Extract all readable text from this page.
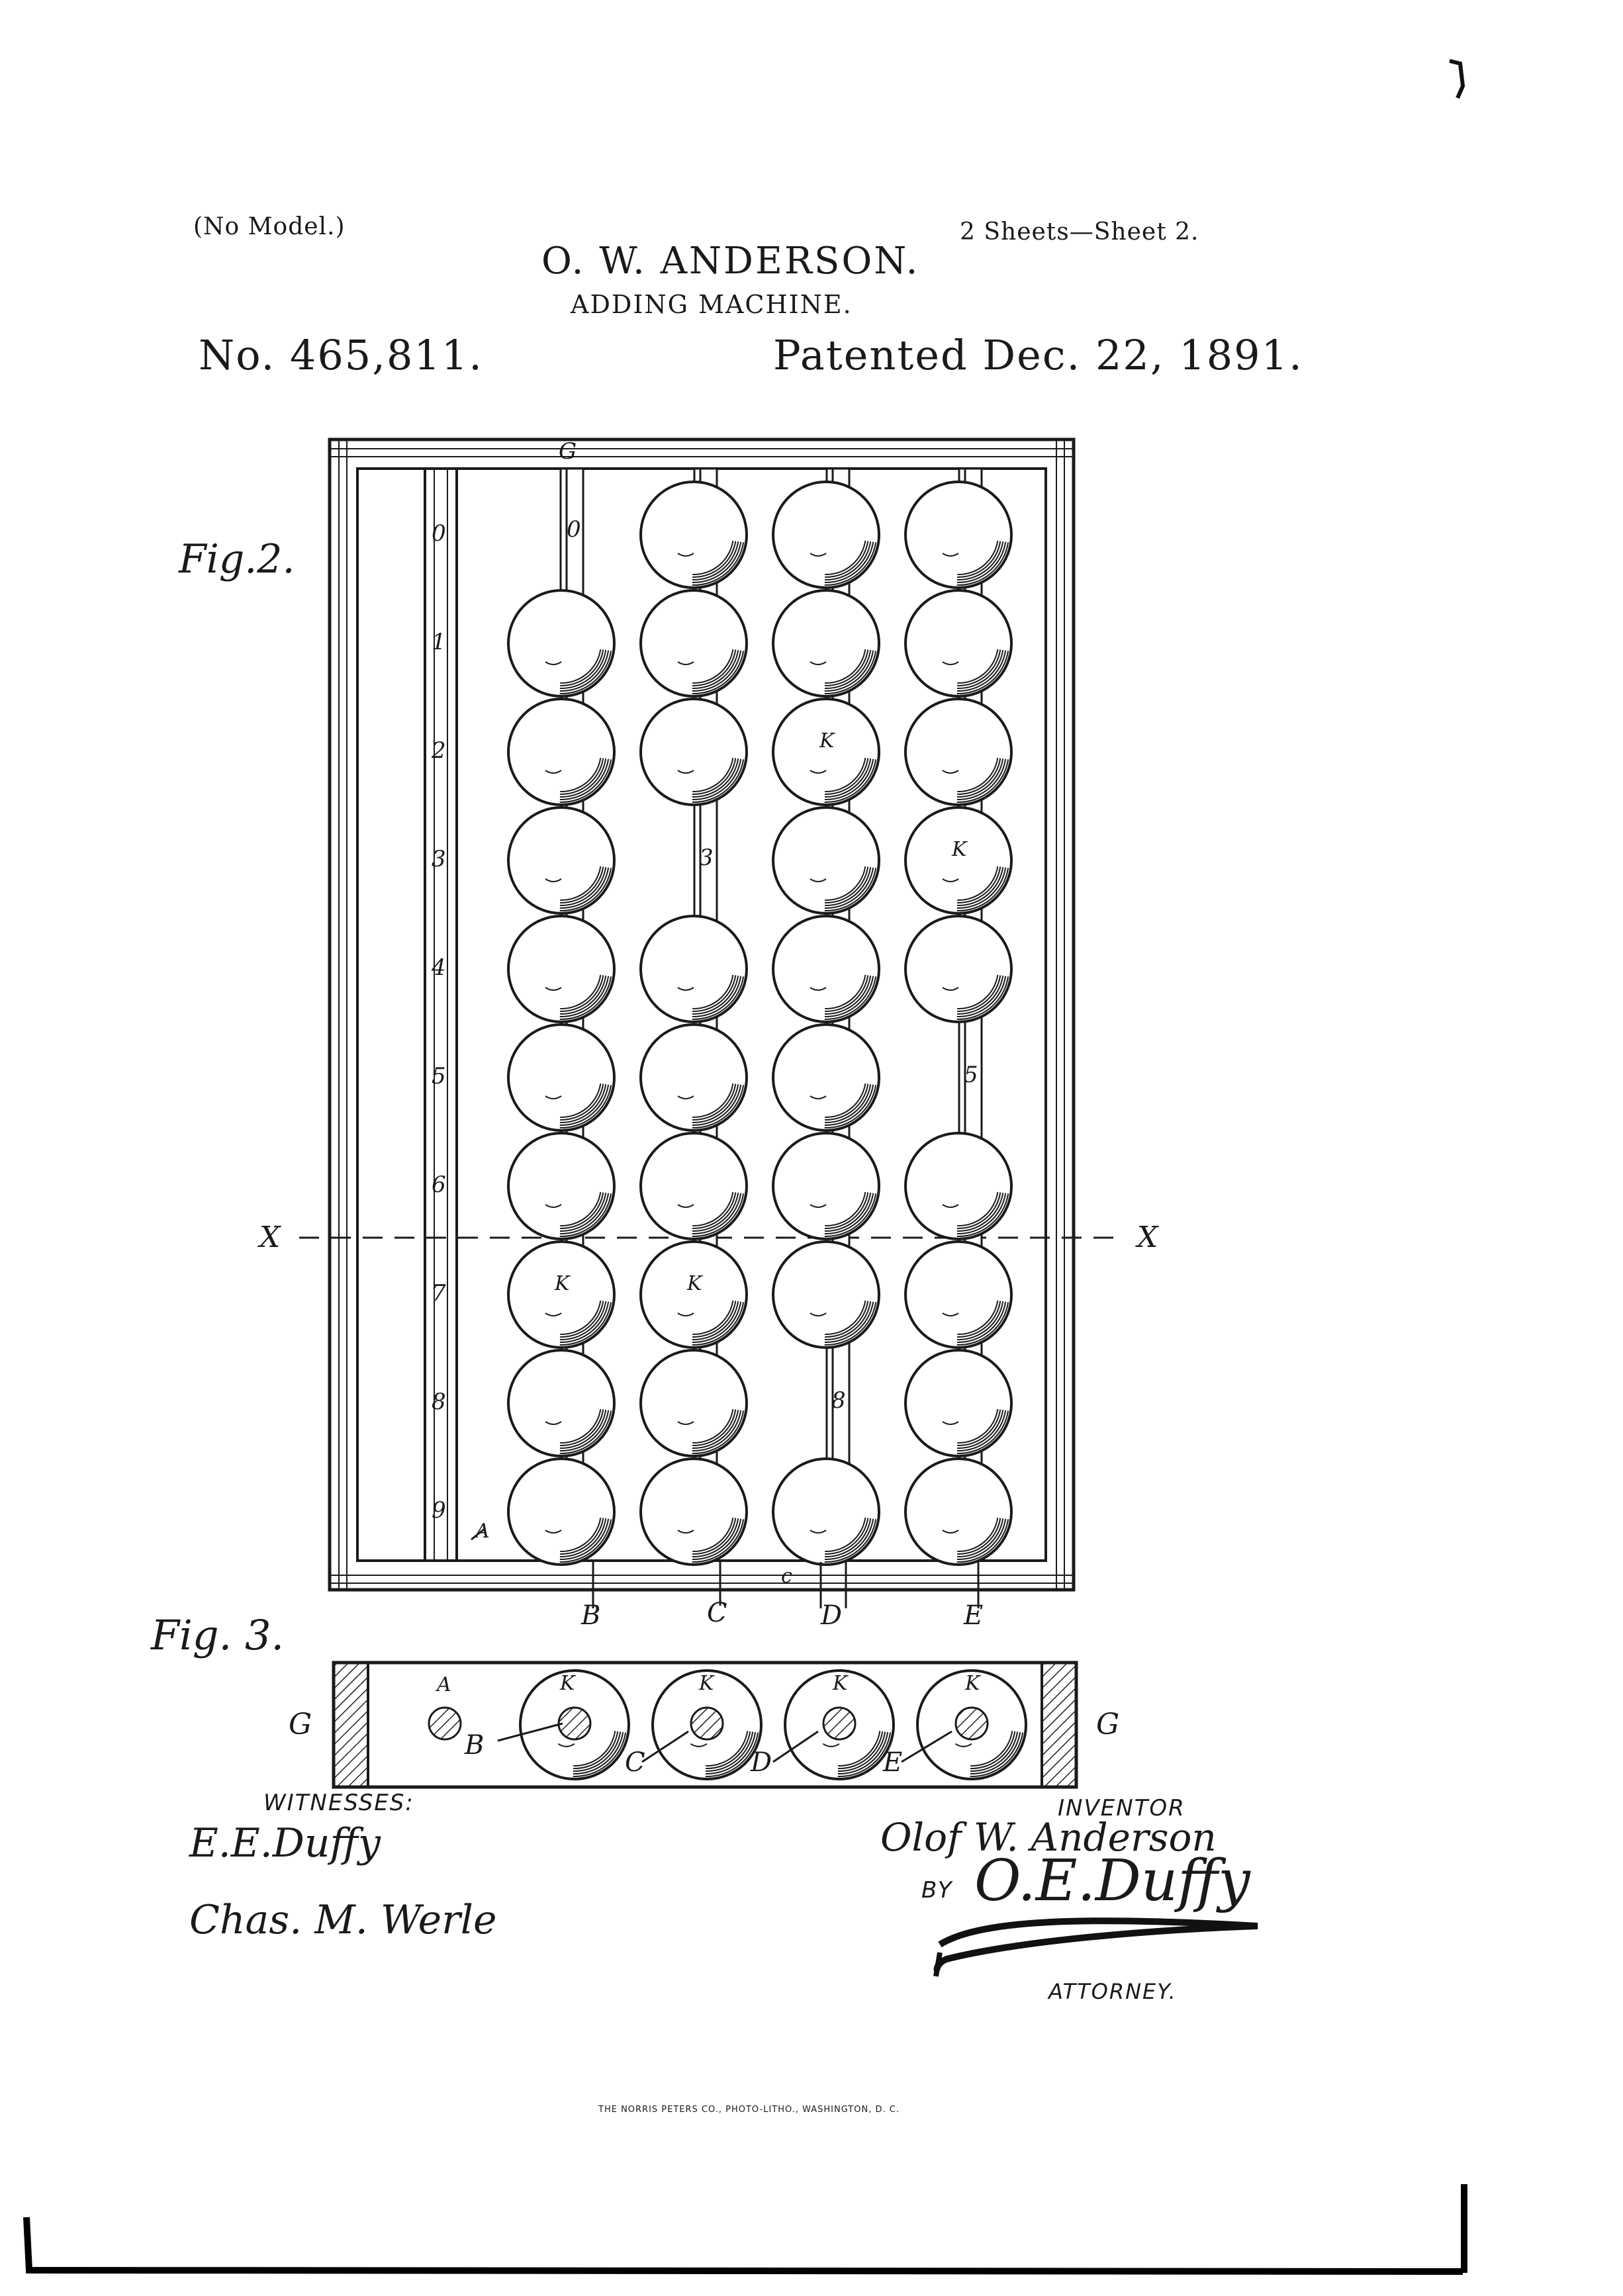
(No Model.)	2 Sheets—Sheet 2.
O. W. ANDERSON.
ADDING MACHINE.
No. 465,811.	Patented Dec. 22, 1891.
Fig.2.
Fig. 3.
G
0
3
8
5
0
1
2
3
4
5
6
7
8
9
A
X	X
B	C
c
D	E
K	K
K
K
G	G
A	K	K	K	K
B
C	D	E
WITNESSES:
E.E.Duffy
Chas. M. Werle
INVENTOR
Olof W. Anderson
BY O.E.Duffy
ATTORNEY.
THE NORRIS PETERS CO., PHOTO-LITHO., WASHINGTON, D. C.
